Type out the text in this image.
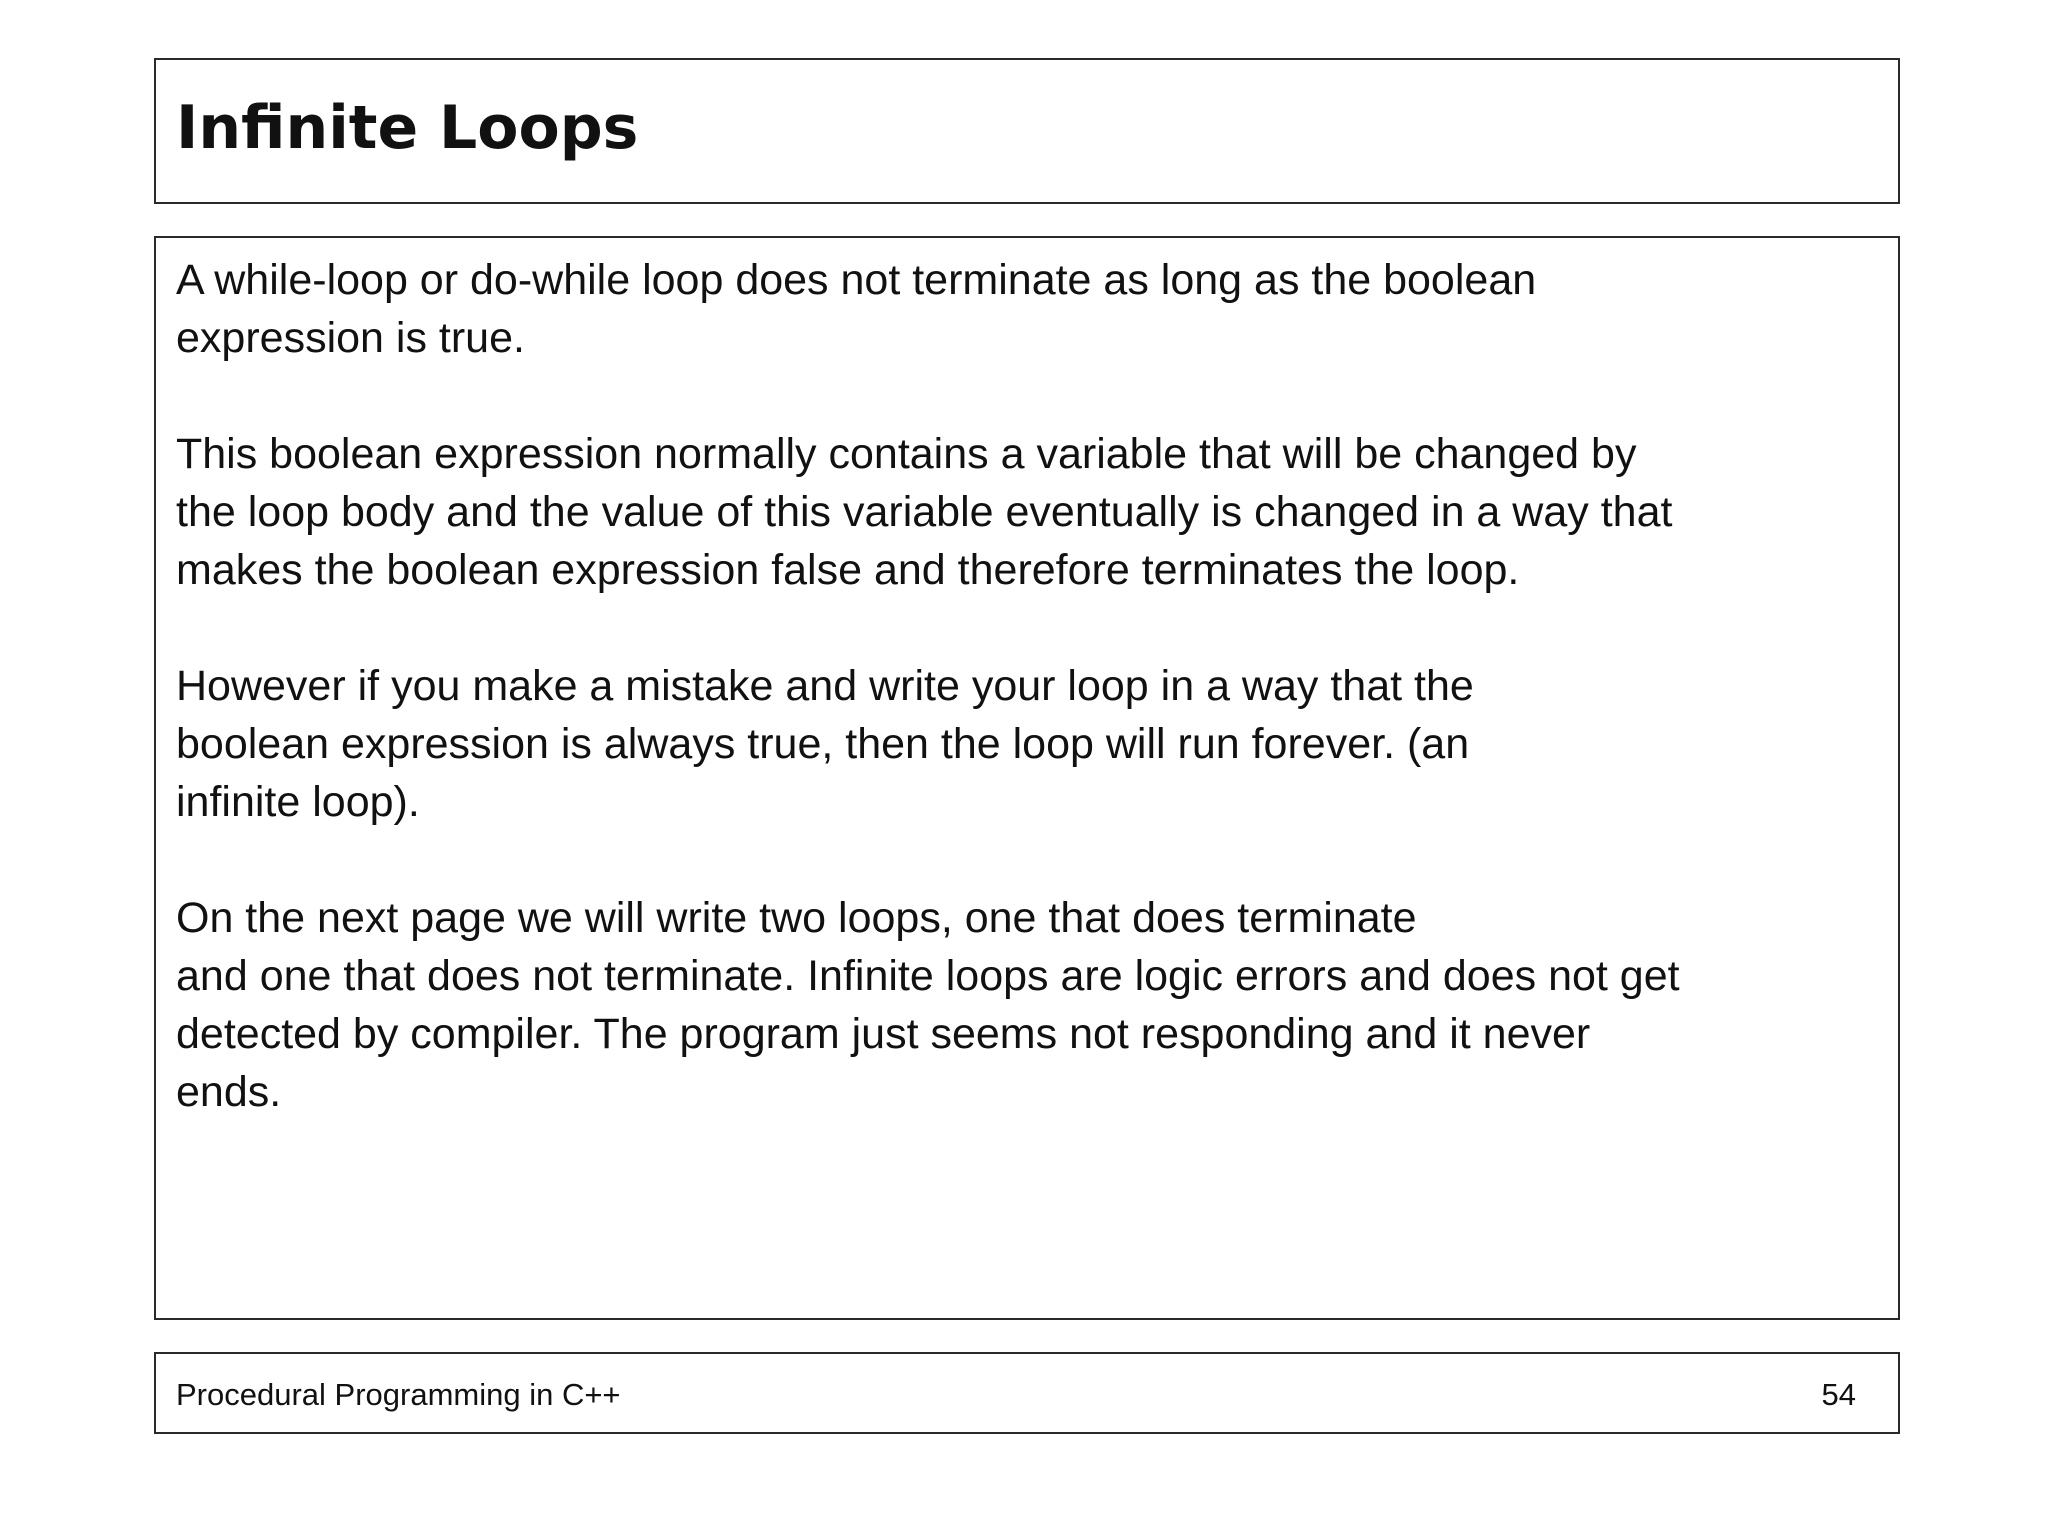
Infinite Loops

A while-loop or do-while loop does not terminate as long as the boolean
expression is true.

This boolean expression normally contains a variable that will be changed by
the loop body and the value of this variable eventually is changed in a way that
makes the boolean expression false and therefore terminates the loop.

However if you make a mistake and write your loop in a way that the
boolean expression is always true, then the loop will run forever. (an
infinite loop).

On the next page we will write two loops, one that does terminate
and one that does not terminate. Infinite loops are logic errors and does not get
detected by compiler. The program just seems not responding and it never
ends.

Procedural Programming in C++	54
